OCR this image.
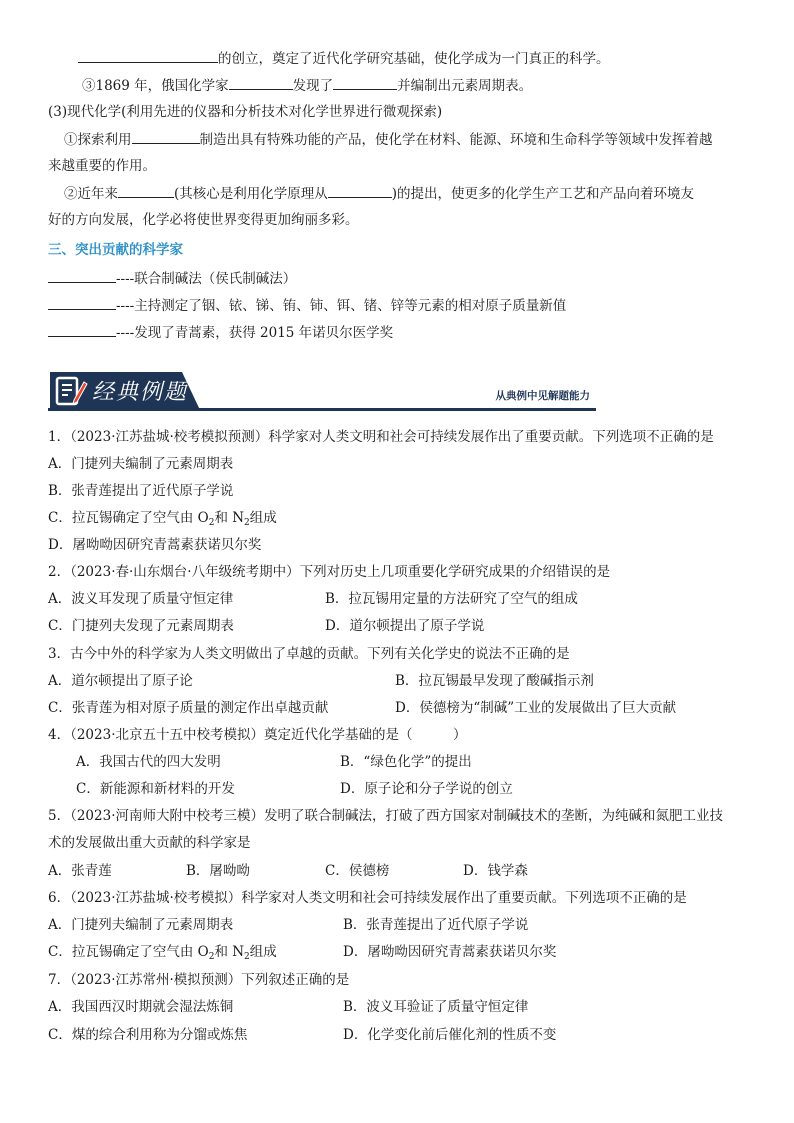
的创立，奠定了近代化学研究基础，使化学成为一门真正的科学。
③1869 年，俄国化学家	发现了	并编制出元素周期表。
(3)现代化学(利用先进的仪器和分析技术对化学世界进行微观探索)
①探索利用	制造出具有特殊功能的产品，使化学在材料、能源、环境和生命科学等领域中发挥着越
来越重要的作用。
②近年来	(其核心是利用化学原理从	)的提出，使更多的化学生产工艺和产品向着环境友
好的方向发展，化学必将使世界变得更加绚丽多彩。
三、突出贡献的科学家
----联合制碱法（侯氏制碱法）
----主持测定了铟、铱、锑、铕、铈、铒、锗、锌等元素的相对原子质量新值
----发现了青蒿素，获得 2015 年诺贝尔医学奖
经典例题	从典例中见解题能力
1．（2023·江苏盐城·校考模拟预测）科学家对人类文明和社会可持续发展作出了重要贡献。下列选项不正确的是
A．门捷列夫编制了元素周期表
B．张青莲提出了近代原子学说
C．拉瓦锡确定了空气由 $O_2$和 $N_2$组成
D．屠呦呦因研究青蒿素获诺贝尔奖
2．（2023·春·山东烟台·八年级统考期中）下列对历史上几项重要化学研究成果的介绍错误的是
A．波义耳发现了质量守恒定律	B．拉瓦锡用定量的方法研究了空气的组成
C．门捷列夫发现了元素周期表	D．道尔顿提出了原子学说
3．古今中外的科学家为人类文明做出了卓越的贡献。下列有关化学史的说法不正确的是
A．道尔顿提出了原子论	B．拉瓦锡最早发现了酸碱指示剂
C．张青莲为相对原子质量的测定作出卓越贡献	D．侯德榜为“制碱”工业的发展做出了巨大贡献
4．（2023·北京五十五中校考模拟）奠定近代化学基础的是（　　　）
A．我国古代的四大发明	B．“绿色化学”的提出
C．新能源和新材料的开发	D．原子论和分子学说的创立
5．（2023·河南师大附中校考三模）发明了联合制碱法，打破了西方国家对制碱技术的垄断，为纯碱和氮肥工业技
术的发展做出重大贡献的科学家是
A．张青莲	B．屠呦呦	C．侯德榜	D．钱学森
6．（2023·江苏盐城·校考模拟）科学家对人类文明和社会可持续发展作出了重要贡献。下列选项不正确的是
A．门捷列夫编制了元素周期表	B．张青莲提出了近代原子学说
C．拉瓦锡确定了空气由 $O_2$和 $N_2$组成	D．屠呦呦因研究青蒿素获诺贝尔奖
7．（2023·江苏常州·模拟预测）下列叙述正确的是
A．我国西汉时期就会湿法炼铜	B．波义耳验证了质量守恒定律
C．煤的综合利用称为分馏或炼焦	D．化学变化前后催化剂的性质不变
